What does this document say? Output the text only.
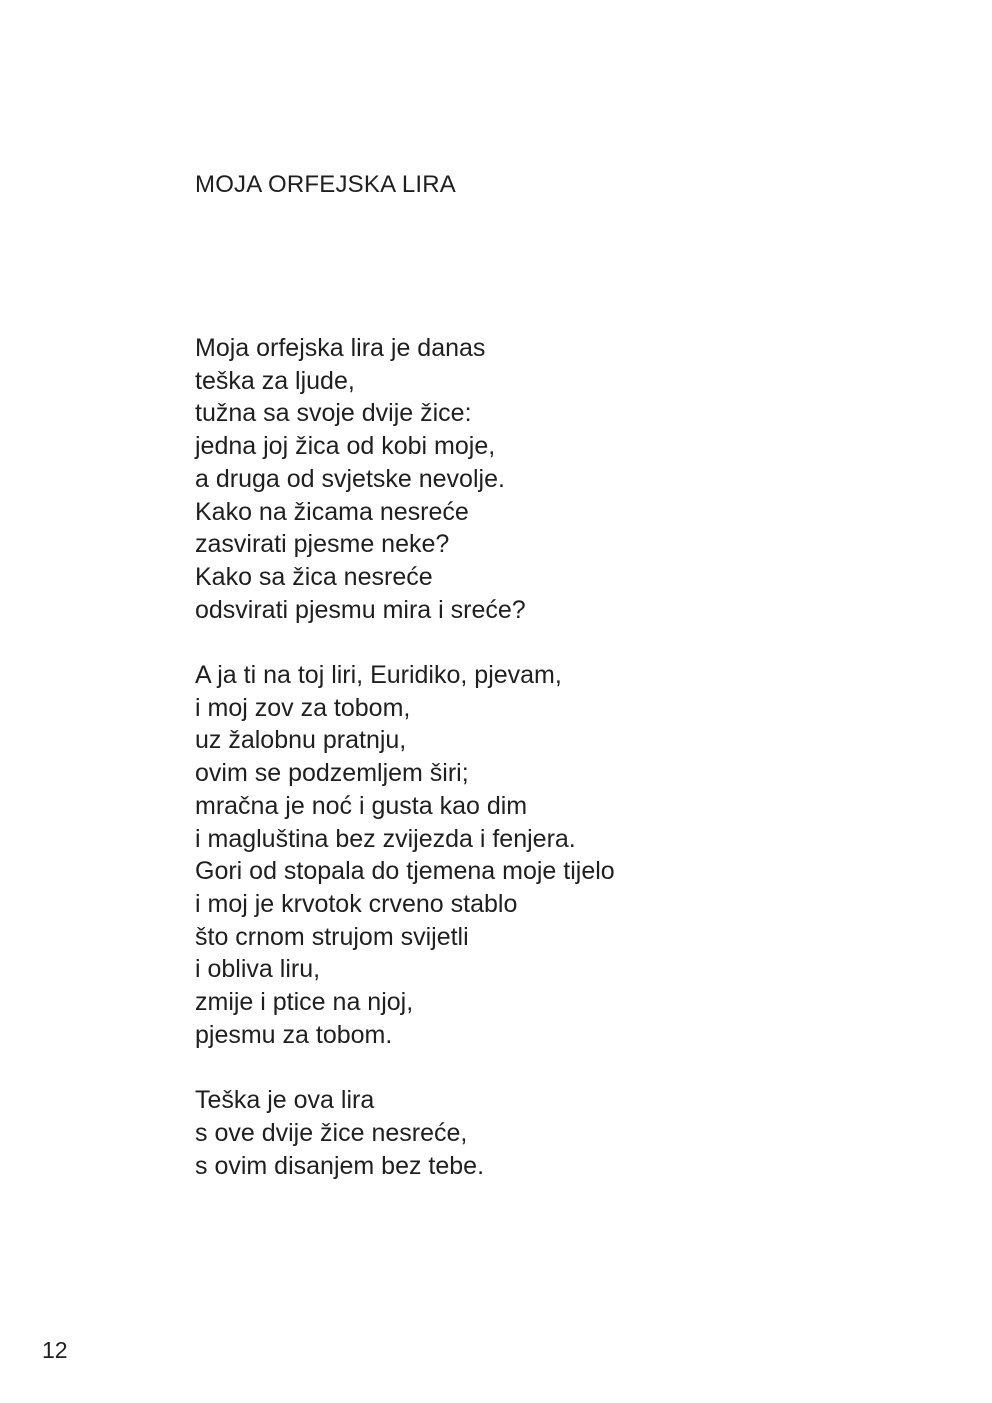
MOJA ORFEJSKA LIRA

Moja orfejska lira je danas
teška za ljude,
tužna sa svoje dvije žice:
jedna joj žica od kobi moje,
a druga od svjetske nevolje.
Kako na žicama nesreće
zasvirati pjesme neke?
Kako sa žica nesreće
odsvirati pjesmu mira i sreće?

A ja ti na toj liri, Euridiko, pjevam,
i moj zov za tobom,
uz žalobnu pratnju,
ovim se podzemljem širi;
mračna je noć i gusta kao dim
i magluština bez zvijezda i fenjera.
Gori od stopala do tjemena moje tijelo
i moj je krvotok crveno stablo
što crnom strujom svijetli
i obliva liru,
zmije i ptice na njoj,
pjesmu za tobom.

Teška je ova lira
s ove dvije žice nesreće,
s ovim disanjem bez tebe.

12
